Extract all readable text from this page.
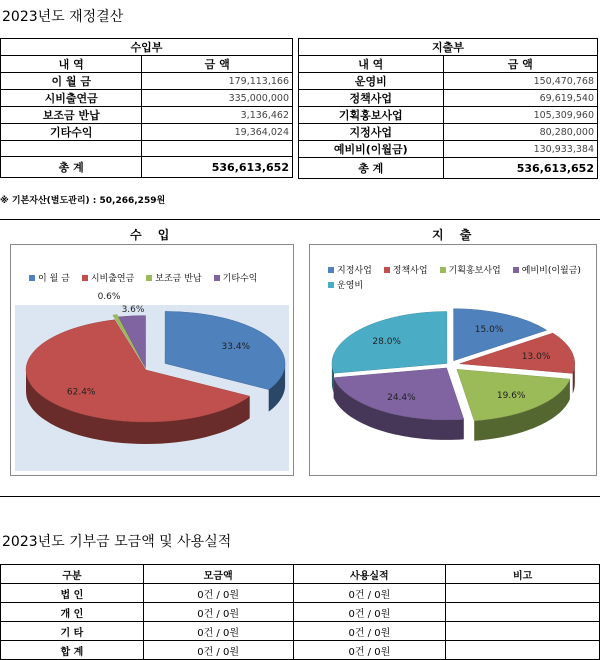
2023년도 재정결산
수입부	
내 역	금 액
이 월 금	179,113,166
시비출연금	335,000,000
보조금 반납	3,136,462
기타수익	19,364,024

총 계	536,613,652
지출부	
내 역	금 액
운영비	150,470,768
정책사업	69,619,540
기획홍보사업	105,309,960
지정사업	80,280,000
예비비(이월금)	130,933,384
총 계	536,613,652
※ 기본자산(별도관리) : 50,266,259원
수 입
이 월 금 시비출연금 보조금 반납 기타수익
33.4%
62.4%
0.6%
3.6%
지 출
지정사업 정책사업 기획홍보사업 예비비(이월금)
운영비
15.0%
13.0%
19.6%
24.4%
28.0%
2023년도 기부금 모금액 및 사용실적
구분	모금액	사용실적	비고
법 인	0건 / 0원	0건 / 0원	
개 인	0건 / 0원	0건 / 0원	
기 타	0건 / 0원	0건 / 0원	
합 계	0건 / 0원	0건 / 0원	
